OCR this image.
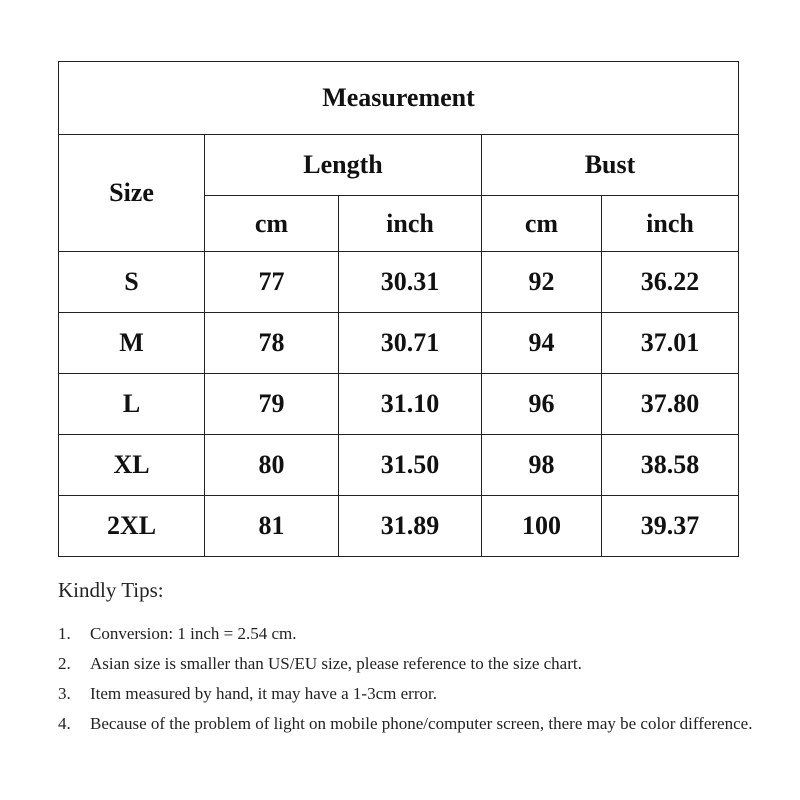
Measurement				
Size	Length		Bust	
	cm	inch	cm	inch
S	77	30.31	92	36.22
M	78	30.71	94	37.01
L	79	31.10	96	37.80
XL	80	31.50	98	38.58
2XL	81	31.89	100	39.37
Kindly Tips:
1.	Conversion: 1 inch = 2.54 cm.
2.	Asian size is smaller than US/EU size, please reference to the size chart.
3.	Item measured by hand, it may have a 1-3cm error.
4.	Because of the problem of light on mobile phone/computer screen, there may be color difference.
